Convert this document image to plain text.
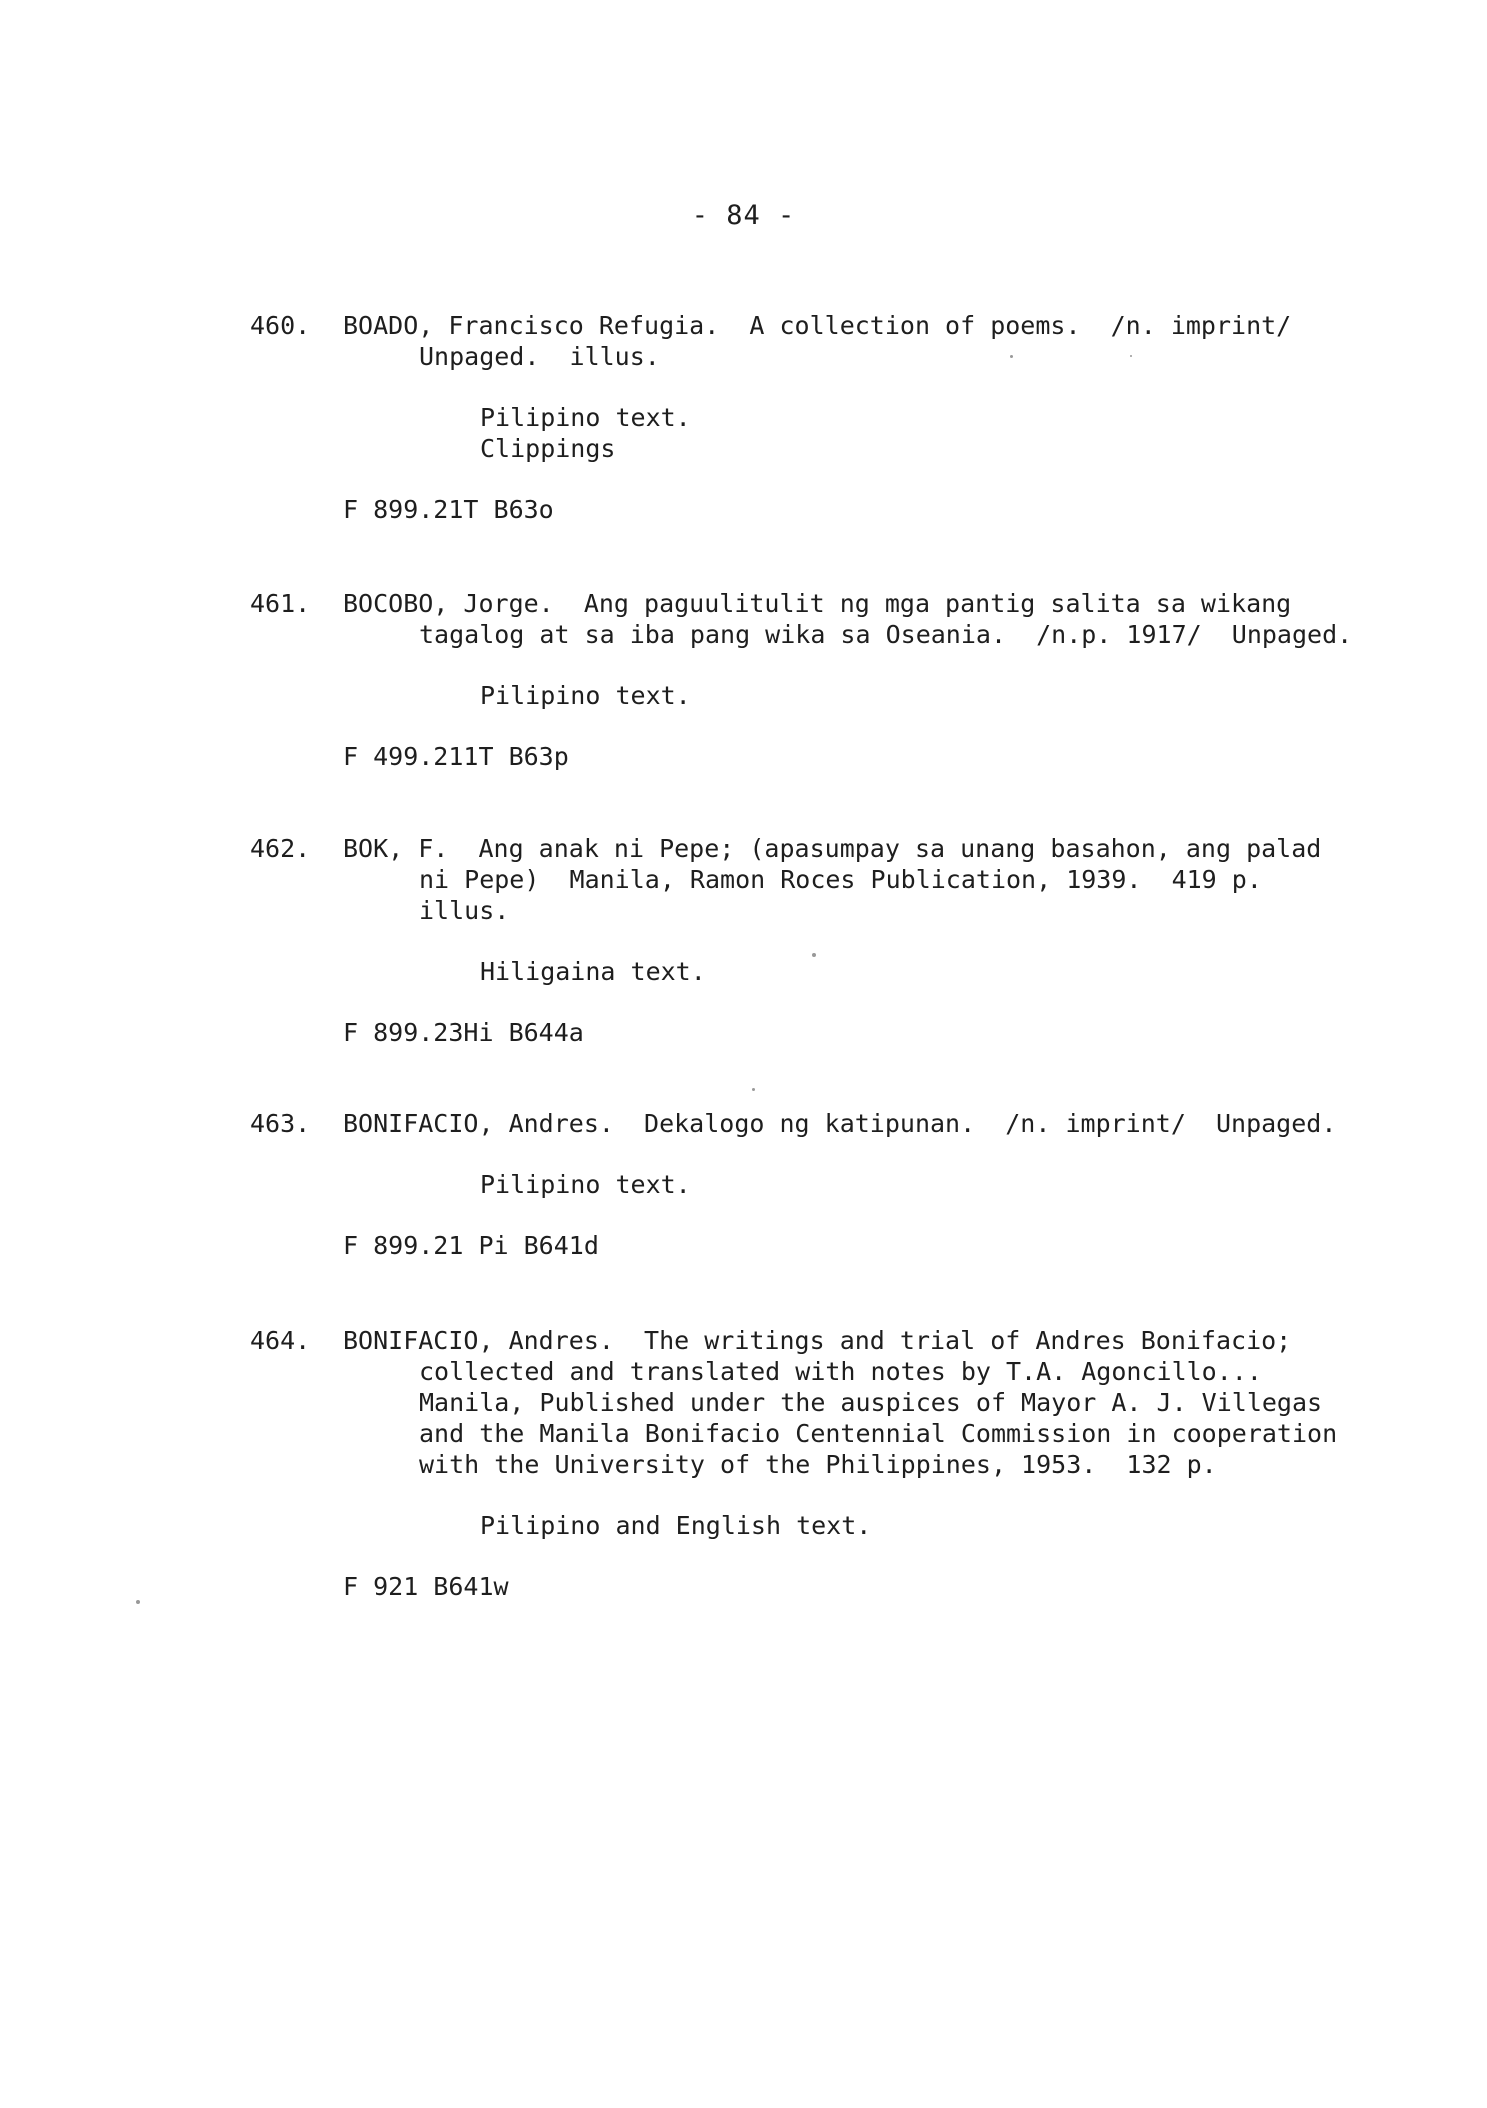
- 84 -
460.	BOADO, Francisco Refugia.  A collection of poems.  /n. imprint/
Unpaged.  illus.
Pilipino text.
Clippings
F 899.21T B63o
461.	BOCOBO, Jorge.  Ang paguulitulit ng mga pantig salita sa wikang
tagalog at sa iba pang wika sa Oseania.  /n.p. 1917/  Unpaged.
Pilipino text.
F 499.211T B63p
462.	BOK, F.  Ang anak ni Pepe; (apasumpay sa unang basahon, ang palad
ni Pepe)  Manila, Ramon Roces Publication, 1939.  419 p.
illus.
Hiligaina text.
F 899.23Hi B644a
463.	BONIFACIO, Andres.  Dekalogo ng katipunan.  /n. imprint/  Unpaged.
Pilipino text.
F 899.21 Pi B641d
464.	BONIFACIO, Andres.  The writings and trial of Andres Bonifacio;
collected and translated with notes by T.A. Agoncillo...
Manila, Published under the auspices of Mayor A. J. Villegas
and the Manila Bonifacio Centennial Commission in cooperation
with the University of the Philippines, 1953.  132 p.
Pilipino and English text.
F 921 B641w
